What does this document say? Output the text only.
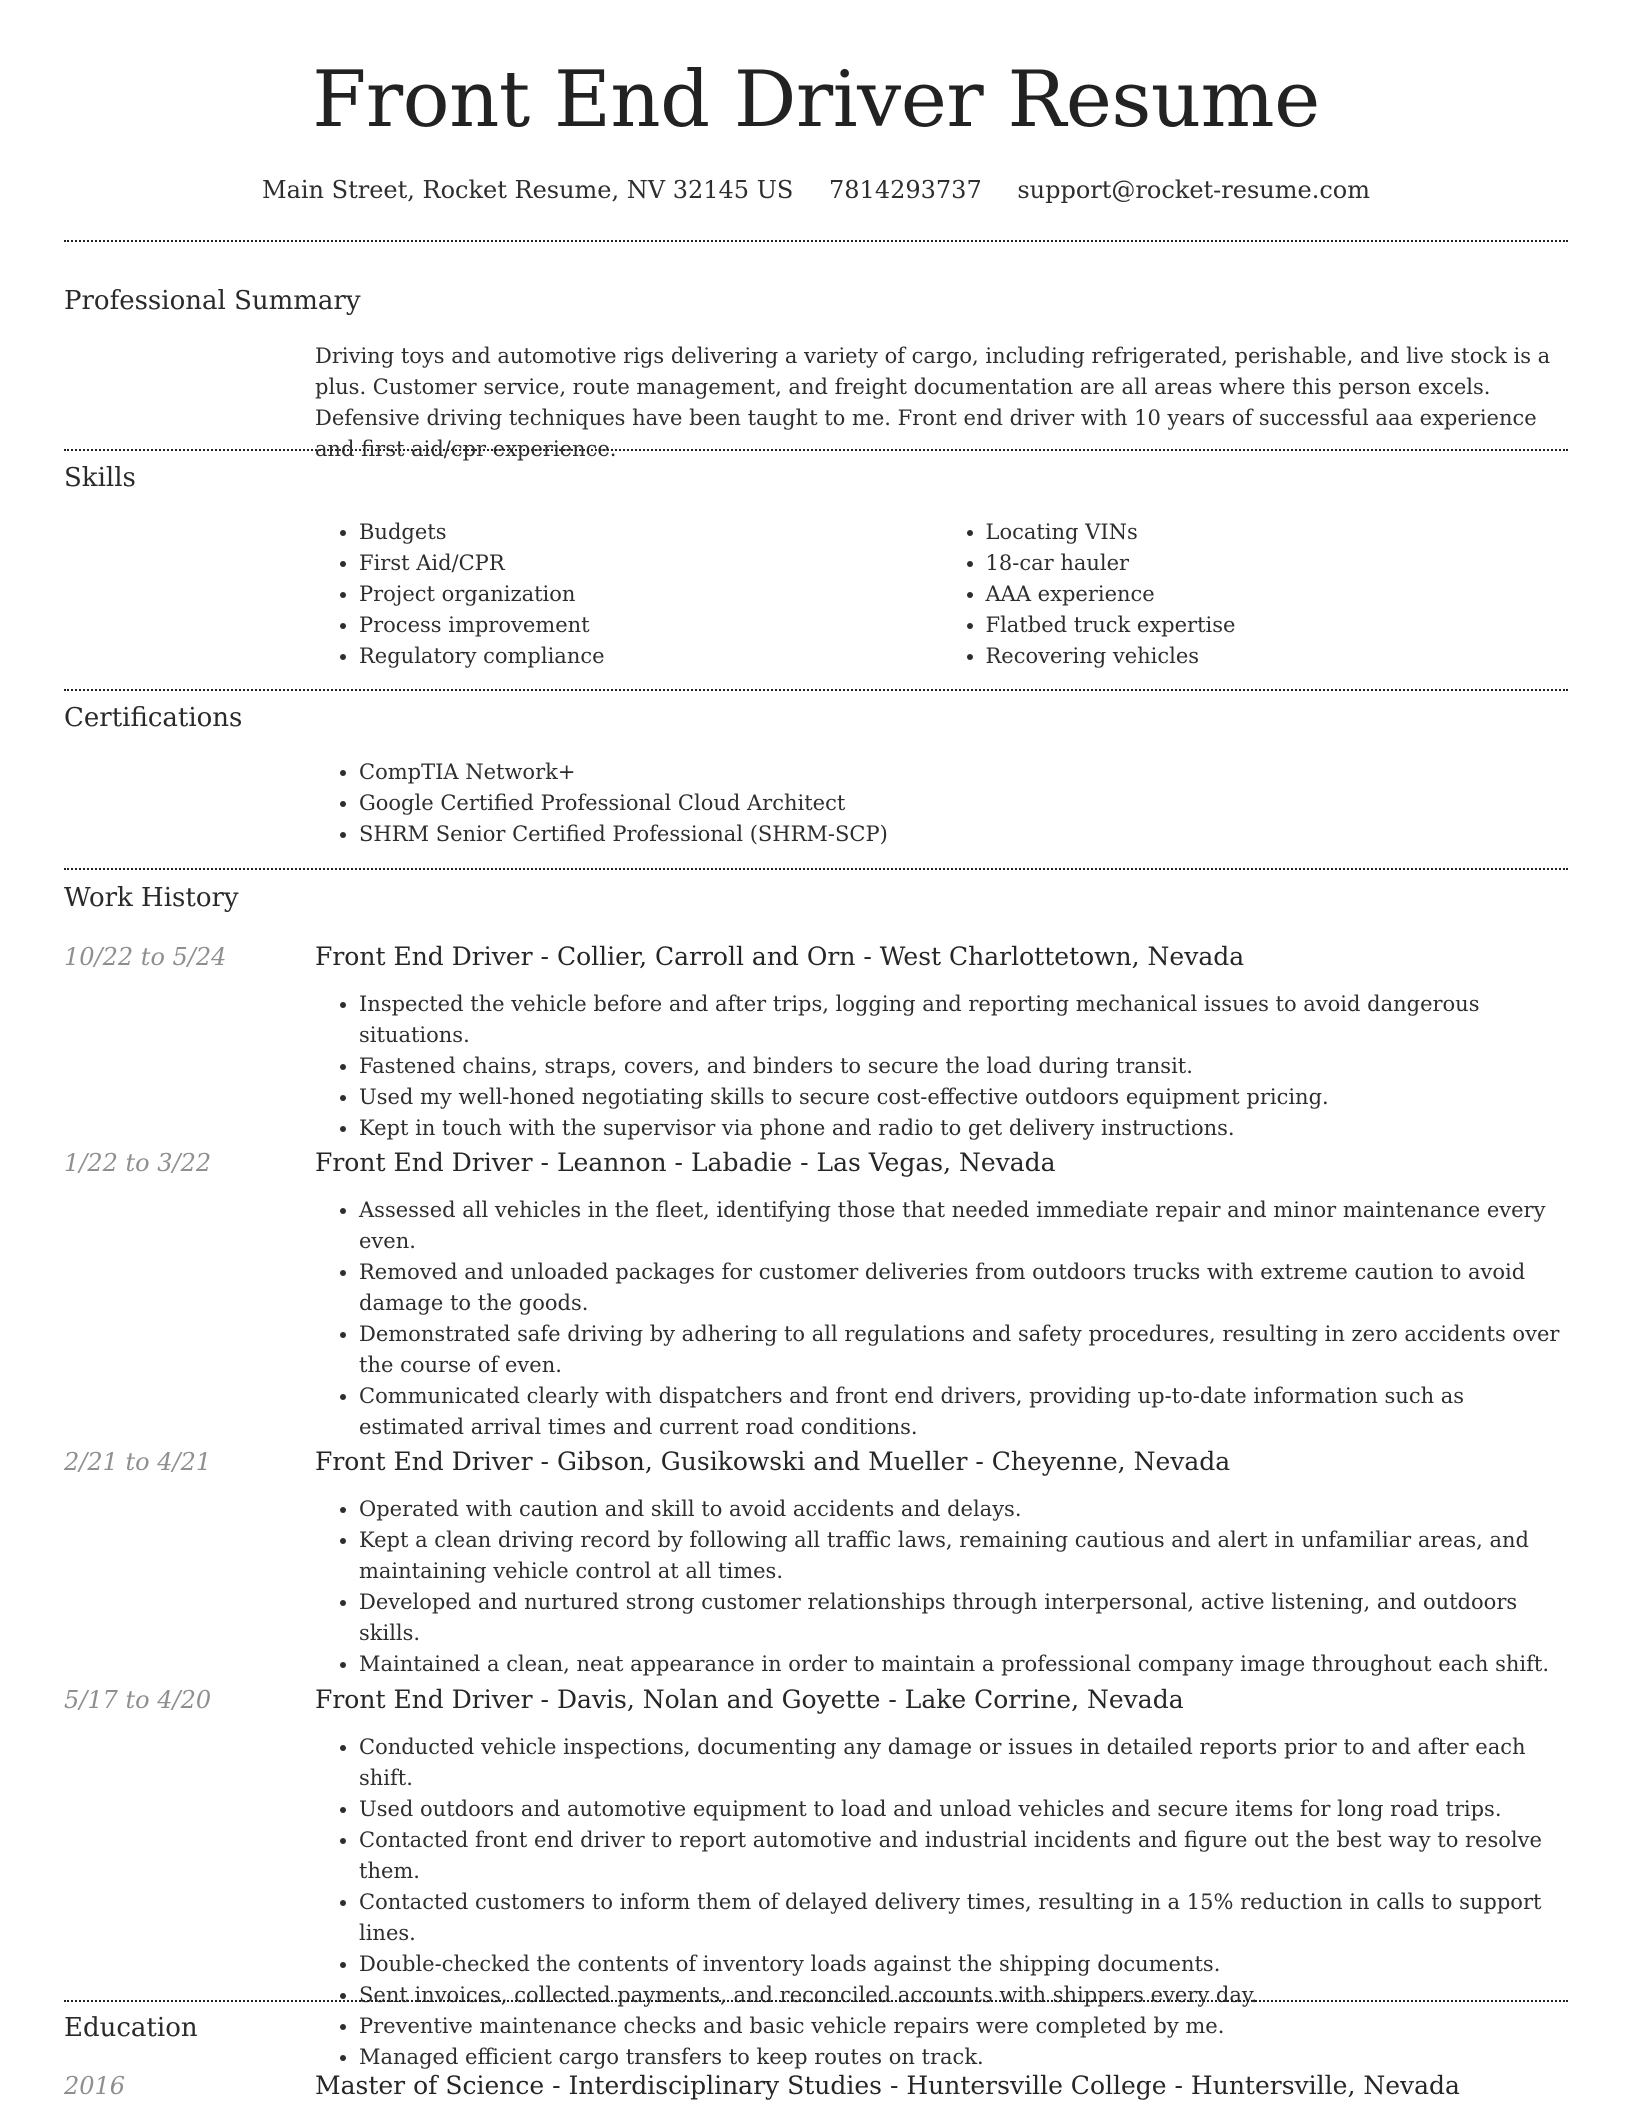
Front End Driver Resume
Main Street, Rocket Resume, NV 32145 US 7814293737 support@rocket-resume.com
Professional Summary

Driving toys and automotive rigs delivering a variety of cargo, including refrigerated, perishable, and live stock is a plus. Customer service, route management, and freight documentation are all areas where this person excels. Defensive driving techniques have been taught to me. Front end driver with 10 years of successful aaa experience and first aid/cpr experience.

Skills
• Budgets
• First Aid/CPR
• Project organization
• Process improvement
• Regulatory compliance
• Locating VINs
• 18-car hauler
• AAA experience
• Flatbed truck expertise
• Recovering vehicles
Certifications
• CompTIA Network+
• Google Certified Professional Cloud Architect
• SHRM Senior Certified Professional (SHRM-SCP)
Work History
10/22 to 5/24	Front End Driver - Collier, Carroll and Orn - West Charlottetown, Nevada
• Inspected the vehicle before and after trips, logging and reporting mechanical issues to avoid dangerous situations.
• Fastened chains, straps, covers, and binders to secure the load during transit.
• Used my well-honed negotiating skills to secure cost-effective outdoors equipment pricing.
• Kept in touch with the supervisor via phone and radio to get delivery instructions.
1/22 to 3/22	Front End Driver - Leannon - Labadie - Las Vegas, Nevada
• Assessed all vehicles in the fleet, identifying those that needed immediate repair and minor maintenance every even.
• Removed and unloaded packages for customer deliveries from outdoors trucks with extreme caution to avoid damage to the goods.
• Demonstrated safe driving by adhering to all regulations and safety procedures, resulting in zero accidents over the course of even.
• Communicated clearly with dispatchers and front end drivers, providing up-to-date information such as estimated arrival times and current road conditions.
2/21 to 4/21	Front End Driver - Gibson, Gusikowski and Mueller - Cheyenne, Nevada
• Operated with caution and skill to avoid accidents and delays.
• Kept a clean driving record by following all traffic laws, remaining cautious and alert in unfamiliar areas, and maintaining vehicle control at all times.
• Developed and nurtured strong customer relationships through interpersonal, active listening, and outdoors skills.
• Maintained a clean, neat appearance in order to maintain a professional company image throughout each shift.
5/17 to 4/20	Front End Driver - Davis, Nolan and Goyette - Lake Corrine, Nevada
• Conducted vehicle inspections, documenting any damage or issues in detailed reports prior to and after each shift.
• Used outdoors and automotive equipment to load and unload vehicles and secure items for long road trips.
• Contacted front end driver to report automotive and industrial incidents and figure out the best way to resolve them.
• Contacted customers to inform them of delayed delivery times, resulting in a 15% reduction in calls to support lines.
• Double-checked the contents of inventory loads against the shipping documents.
• Sent invoices, collected payments, and reconciled accounts with shippers every day.
• Preventive maintenance checks and basic vehicle repairs were completed by me.
• Managed efficient cargo transfers to keep routes on track.
Education
2016	Master of Science - Interdisciplinary Studies - Huntersville College - Huntersville, Nevada
